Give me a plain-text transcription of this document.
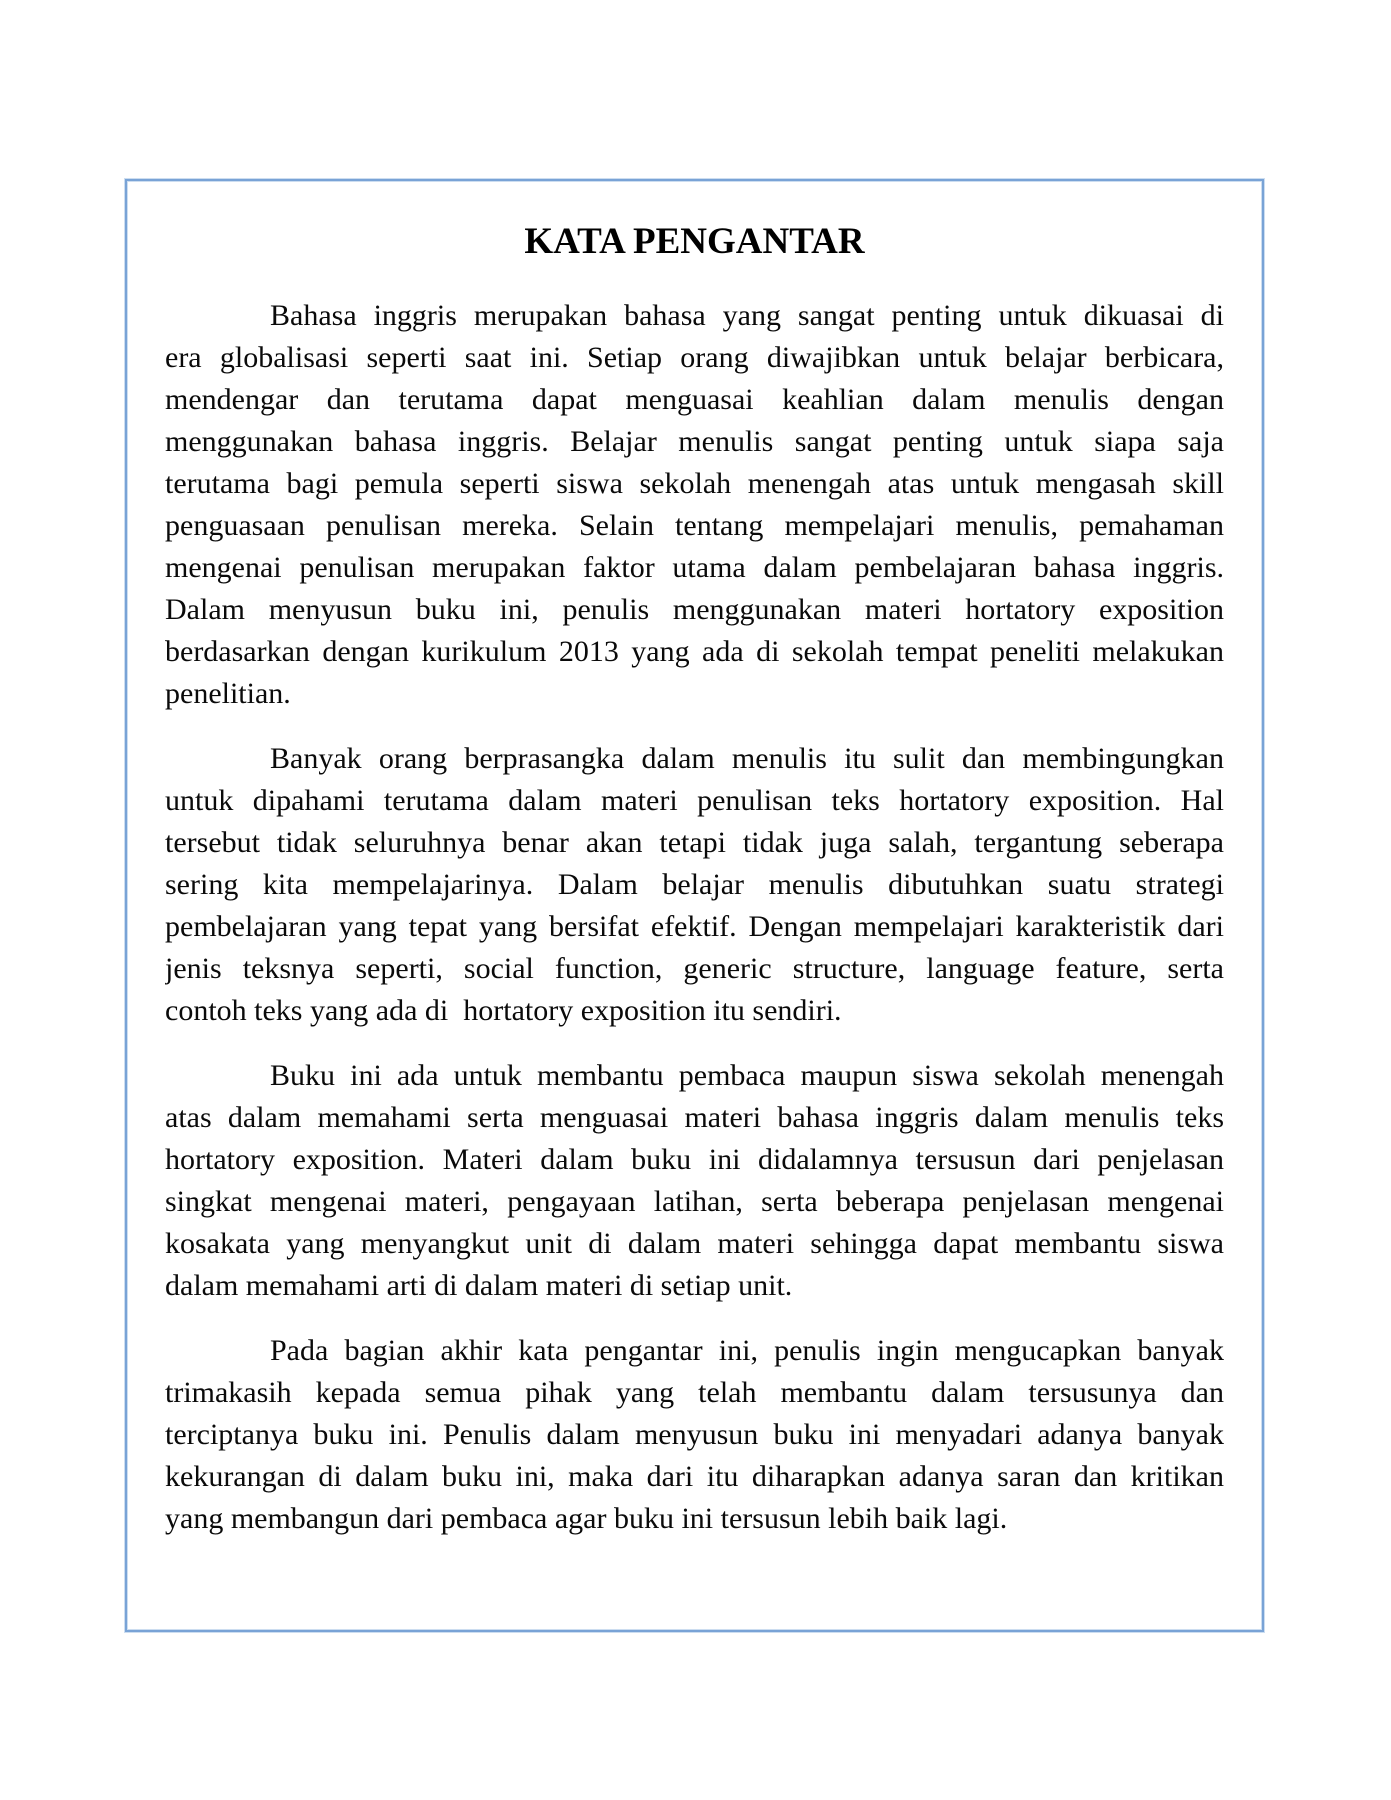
KATA PENGANTAR
Bahasa inggris merupakan bahasa yang sangat penting untuk dikuasai di
era globalisasi seperti saat ini. Setiap orang diwajibkan untuk belajar berbicara,
mendengar dan terutama dapat menguasai keahlian dalam menulis dengan
menggunakan bahasa inggris. Belajar menulis sangat penting untuk siapa saja
terutama bagi pemula seperti siswa sekolah menengah atas untuk mengasah skill
penguasaan penulisan mereka. Selain tentang mempelajari menulis, pemahaman
mengenai penulisan merupakan faktor utama dalam pembelajaran bahasa inggris.
Dalam menyusun buku ini, penulis menggunakan materi hortatory exposition
berdasarkan dengan kurikulum 2013 yang ada di sekolah tempat peneliti melakukan
penelitian.
Banyak orang berprasangka dalam menulis itu sulit dan membingungkan
untuk dipahami terutama dalam materi penulisan teks hortatory exposition. Hal
tersebut tidak seluruhnya benar akan tetapi tidak juga salah, tergantung seberapa
sering kita mempelajarinya. Dalam belajar menulis dibutuhkan suatu strategi
pembelajaran yang tepat yang bersifat efektif. Dengan mempelajari karakteristik dari
jenis teksnya seperti, social function, generic structure, language feature, serta
contoh teks yang ada di  hortatory exposition itu sendiri.
Buku ini ada untuk membantu pembaca maupun siswa sekolah menengah
atas dalam memahami serta menguasai materi bahasa inggris dalam menulis teks
hortatory exposition. Materi dalam buku ini didalamnya tersusun dari penjelasan
singkat mengenai materi, pengayaan latihan, serta beberapa penjelasan mengenai
kosakata yang menyangkut unit di dalam materi sehingga dapat membantu siswa
dalam memahami arti di dalam materi di setiap unit.
Pada bagian akhir kata pengantar ini, penulis ingin mengucapkan banyak
trimakasih kepada semua pihak yang telah membantu dalam tersusunya dan
terciptanya buku ini. Penulis dalam menyusun buku ini menyadari adanya banyak
kekurangan di dalam buku ini, maka dari itu diharapkan adanya saran dan kritikan
yang membangun dari pembaca agar buku ini tersusun lebih baik lagi.
